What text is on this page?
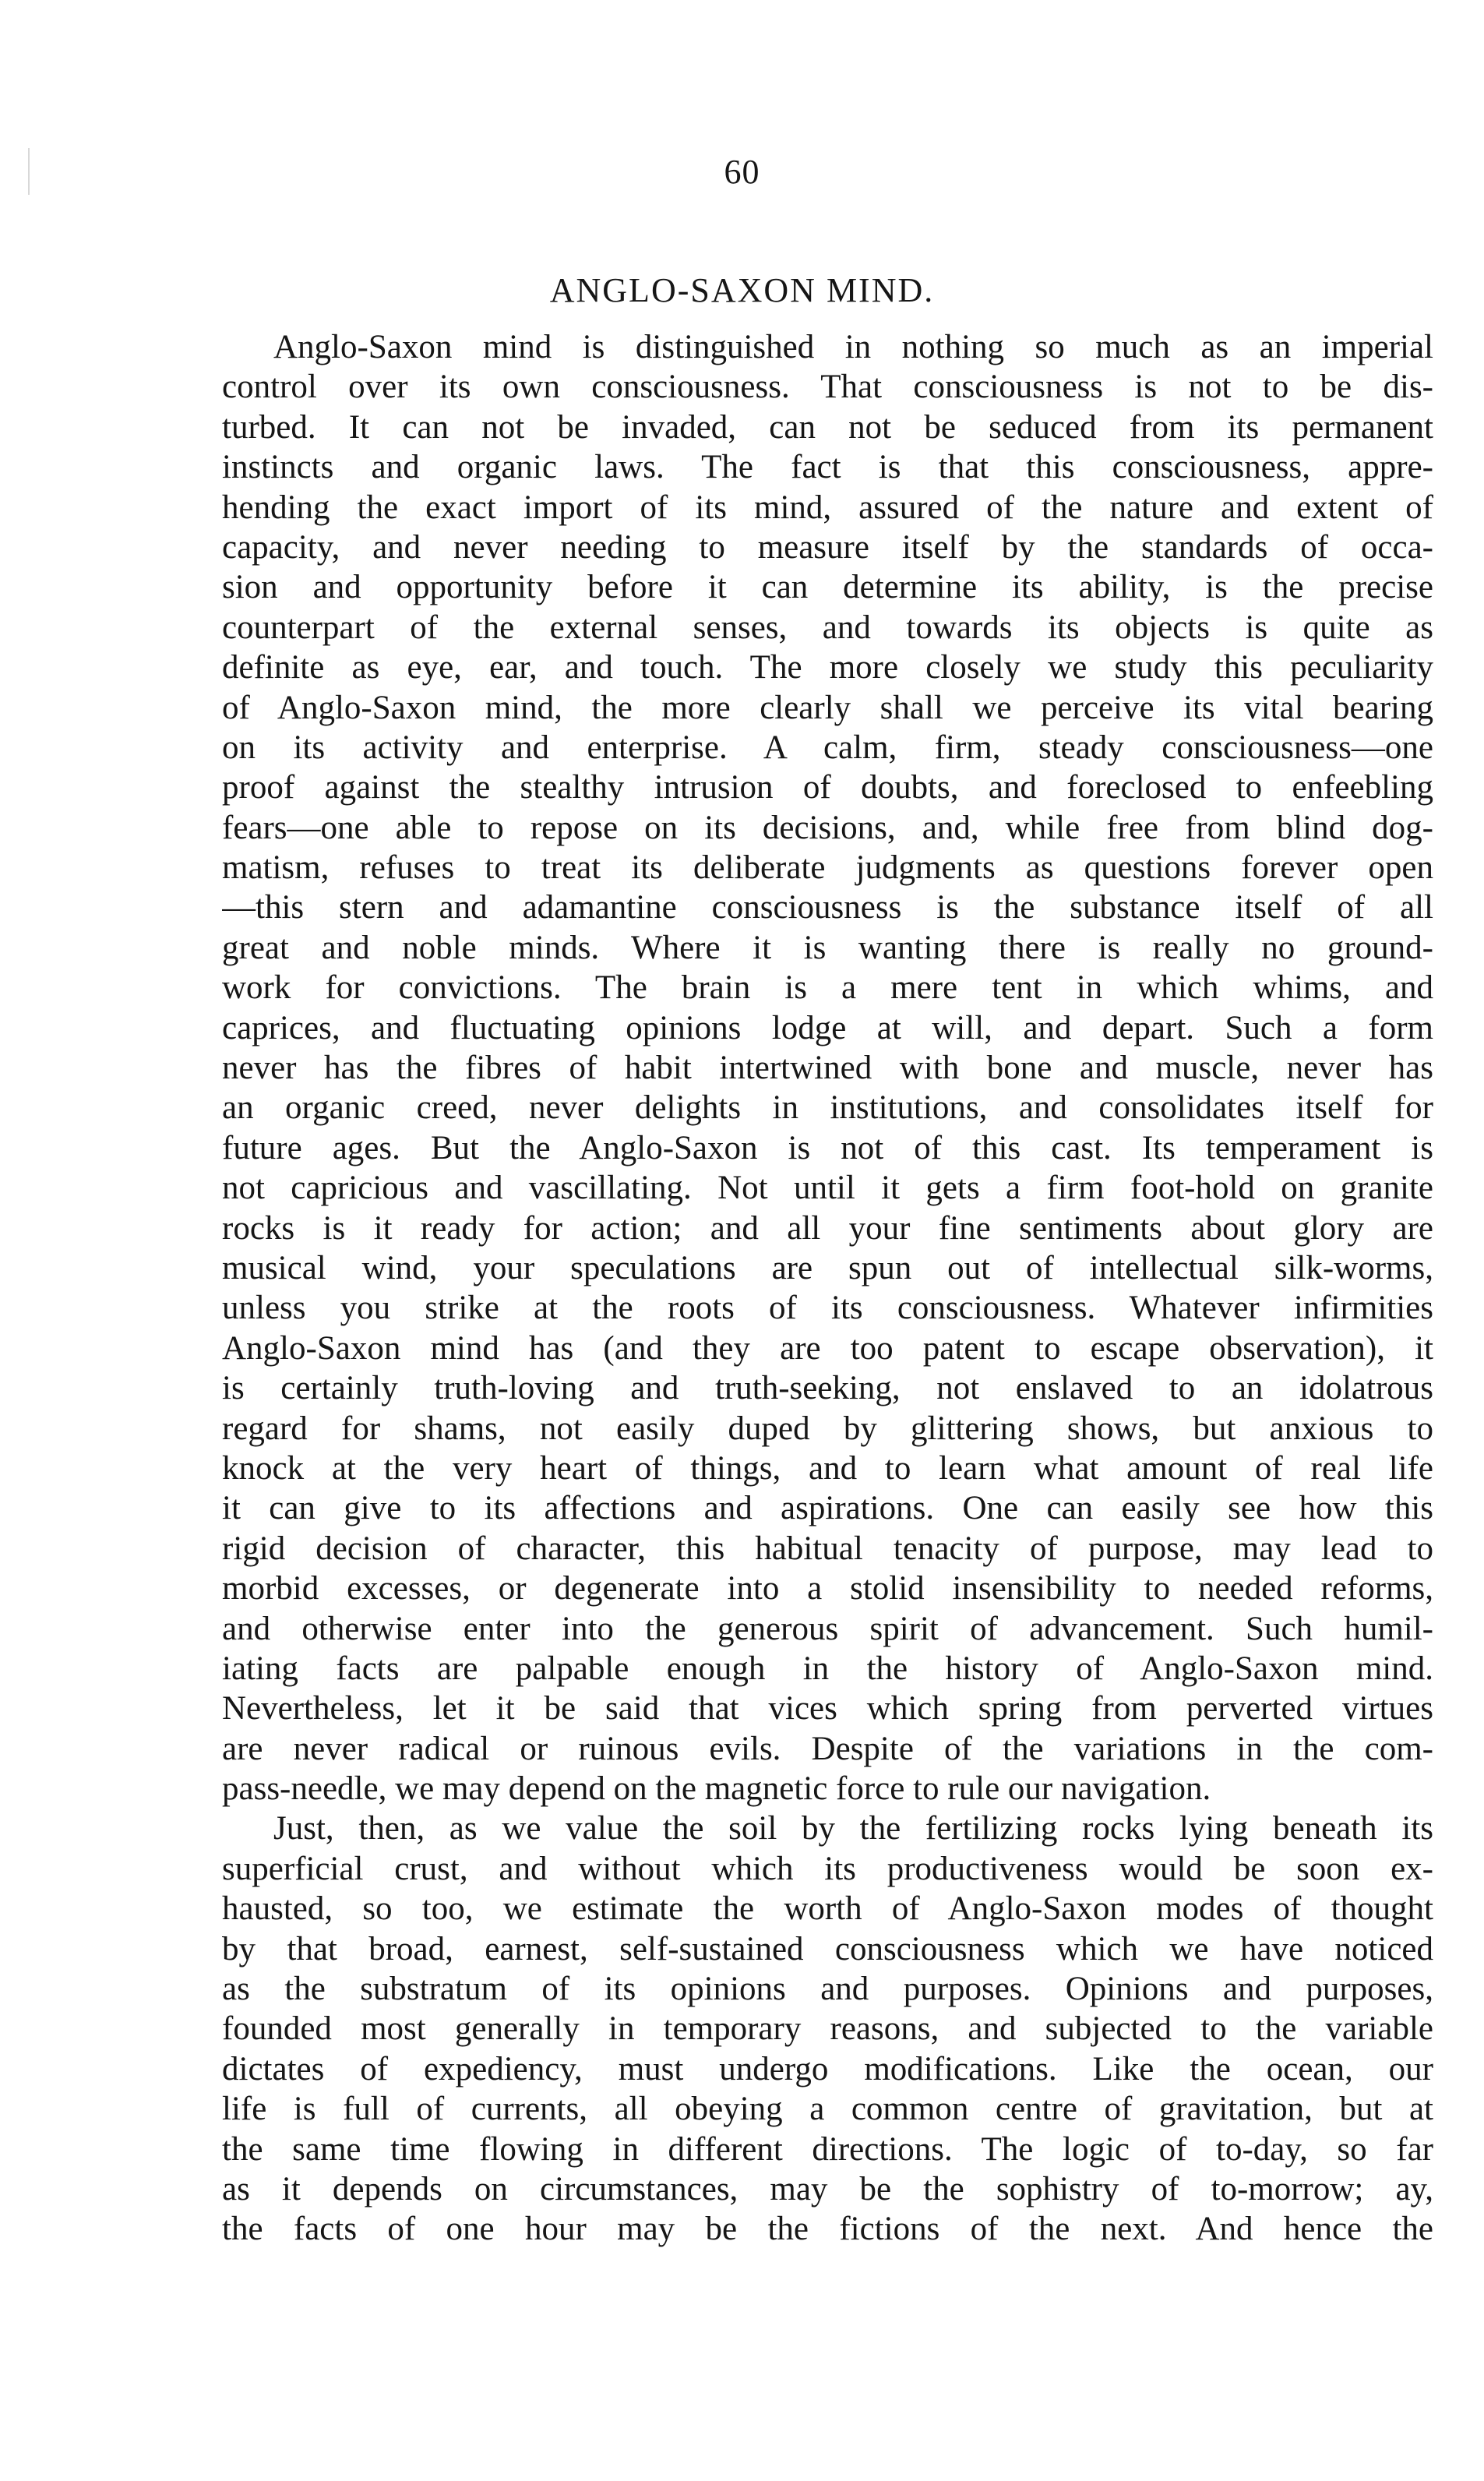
60
ANGLO-SAXON MIND.
Anglo-Saxon mind is distinguished in nothing so much as an imperial
control over its own consciousness. That consciousness is not to be dis-
turbed. It can not be invaded, can not be seduced from its permanent
instincts and organic laws. The fact is that this consciousness, appre-
hending the exact import of its mind, assured of the nature and extent of
capacity, and never needing to measure itself by the standards of occa-
sion and opportunity before it can determine its ability, is the precise
counterpart of the external senses, and towards its objects is quite as
definite as eye, ear, and touch. The more closely we study this peculiarity
of Anglo-Saxon mind, the more clearly shall we perceive its vital bearing
on its activity and enterprise. A calm, firm, steady consciousness—one
proof against the stealthy intrusion of doubts, and foreclosed to enfeebling
fears—one able to repose on its decisions, and, while free from blind dog-
matism, refuses to treat its deliberate judgments as questions forever open
—this stern and adamantine consciousness is the substance itself of all
great and noble minds. Where it is wanting there is really no ground-
work for convictions. The brain is a mere tent in which whims, and
caprices, and fluctuating opinions lodge at will, and depart. Such a form
never has the fibres of habit intertwined with bone and muscle, never has
an organic creed, never delights in institutions, and consolidates itself for
future ages. But the Anglo-Saxon is not of this cast. Its temperament is
not capricious and vascillating. Not until it gets a firm foot-hold on granite
rocks is it ready for action; and all your fine sentiments about glory are
musical wind, your speculations are spun out of intellectual silk-worms,
unless you strike at the roots of its consciousness. Whatever infirmities
Anglo-Saxon mind has (and they are too patent to escape observation), it
is certainly truth-loving and truth-seeking, not enslaved to an idolatrous
regard for shams, not easily duped by glittering shows, but anxious to
knock at the very heart of things, and to learn what amount of real life
it can give to its affections and aspirations. One can easily see how this
rigid decision of character, this habitual tenacity of purpose, may lead to
morbid excesses, or degenerate into a stolid insensibility to needed reforms,
and otherwise enter into the generous spirit of advancement. Such humil-
iating facts are palpable enough in the history of Anglo-Saxon mind.
Nevertheless, let it be said that vices which spring from perverted virtues
are never radical or ruinous evils. Despite of the variations in the com-
pass-needle, we may depend on the magnetic force to rule our navigation.
Just, then, as we value the soil by the fertilizing rocks lying beneath its
superficial crust, and without which its productiveness would be soon ex-
hausted, so too, we estimate the worth of Anglo-Saxon modes of thought
by that broad, earnest, self-sustained consciousness which we have noticed
as the substratum of its opinions and purposes. Opinions and purposes,
founded most generally in temporary reasons, and subjected to the variable
dictates of expediency, must undergo modifications. Like the ocean, our
life is full of currents, all obeying a common centre of gravitation, but at
the same time flowing in different directions. The logic of to-day, so far
as it depends on circumstances, may be the sophistry of to-morrow; ay,
the facts of one hour may be the fictions of the next. And hence the
